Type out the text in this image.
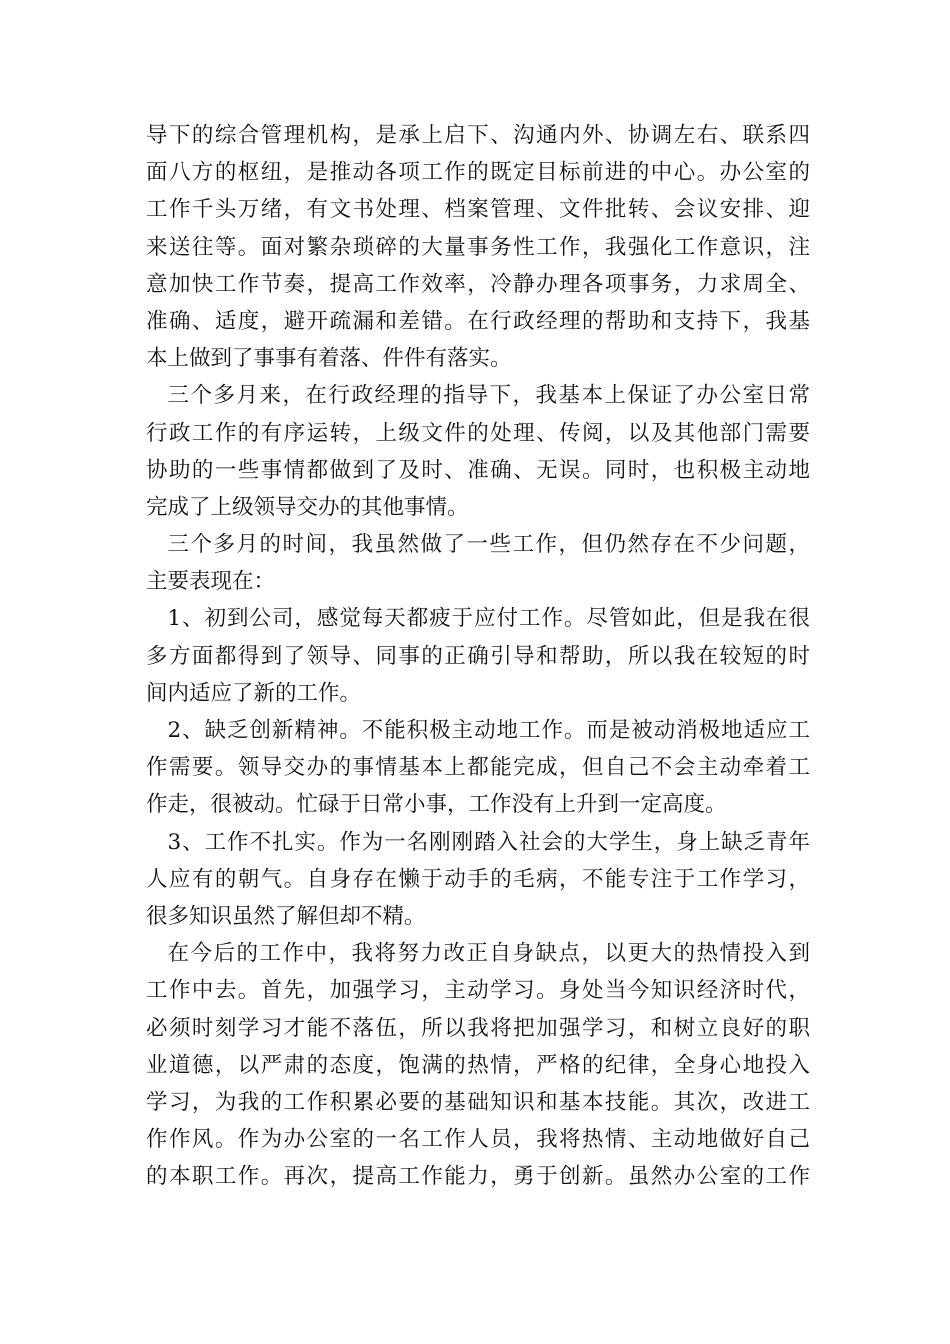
导下的综合管理机构，是承上启下、沟通内外、协调左右、联系四
面八方的枢纽，是推动各项工作的既定目标前进的中心。办公室的
工作千头万绪，有文书处理、档案管理、文件批转、会议安排、迎
来送往等。面对繁杂琐碎的大量事务性工作，我强化工作意识，注
意加快工作节奏，提高工作效率，冷静办理各项事务，力求周全、
准确、适度，避开疏漏和差错。在行政经理的帮助和支持下，我基
本上做到了事事有着落、件件有落实。
三个多月来，在行政经理的指导下，我基本上保证了办公室日常
行政工作的有序运转，上级文件的处理、传阅，以及其他部门需要
协助的一些事情都做到了及时、准确、无误。同时，也积极主动地
完成了上级领导交办的其他事情。
三个多月的时间，我虽然做了一些工作，但仍然存在不少问题，
主要表现在：
1、初到公司，感觉每天都疲于应付工作。尽管如此，但是我在很
多方面都得到了领导、同事的正确引导和帮助，所以我在较短的时
间内适应了新的工作。
2、缺乏创新精神。不能积极主动地工作。而是被动消极地适应工
作需要。领导交办的事情基本上都能完成，但自己不会主动牵着工
作走，很被动。忙碌于日常小事，工作没有上升到一定高度。
3、工作不扎实。作为一名刚刚踏入社会的大学生，身上缺乏青年
人应有的朝气。自身存在懒于动手的毛病，不能专注于工作学习，
很多知识虽然了解但却不精。
在今后的工作中，我将努力改正自身缺点，以更大的热情投入到
工作中去。首先，加强学习，主动学习。身处当今知识经济时代，
必须时刻学习才能不落伍，所以我将把加强学习，和树立良好的职
业道德，以严肃的态度，饱满的热情，严格的纪律，全身心地投入
学习，为我的工作积累必要的基础知识和基本技能。其次，改进工
作作风。作为办公室的一名工作人员，我将热情、主动地做好自己
的本职工作。再次，提高工作能力，勇于创新。虽然办公室的工作
